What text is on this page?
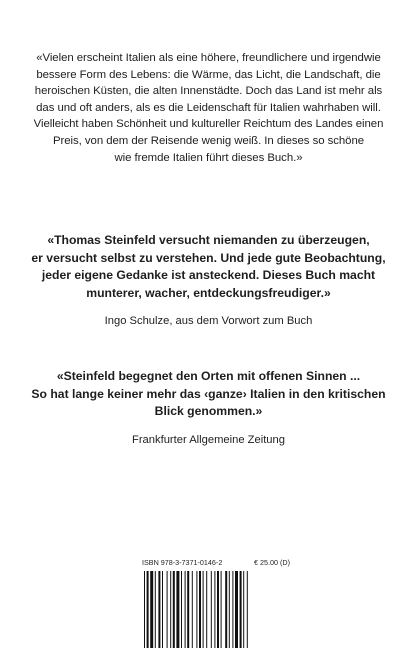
«Vielen erscheint Italien als eine höhere, freundlichere und irgendwie
bessere Form des Lebens: die Wärme, das Licht, die Landschaft, die
heroischen Küsten, die alten Innenstädte. Doch das Land ist mehr als
das und oft anders, als es die Leidenschaft für Italien wahrhaben will.
Vielleicht haben Schönheit und kultureller Reichtum des Landes einen
Preis, von dem der Reisende wenig weiß. In dieses so schöne
wie fremde Italien führt dieses Buch.»
«Thomas Steinfeld versucht niemanden zu überzeugen,
er versucht selbst zu verstehen. Und jede gute Beobachtung,
jeder eigene Gedanke ist ansteckend. Dieses Buch macht
munterer, wacher, entdeckungsfreudiger.»
Ingo Schulze, aus dem Vorwort zum Buch
«Steinfeld begegnet den Orten mit offenen Sinnen ...
So hat lange keiner mehr das ‹ganze› Italien in den kritischen
Blick genommen.»
Frankfurter Allgemeine Zeitung
ISBN 978-3-7371-0146-2	€ 25.00 (D)
